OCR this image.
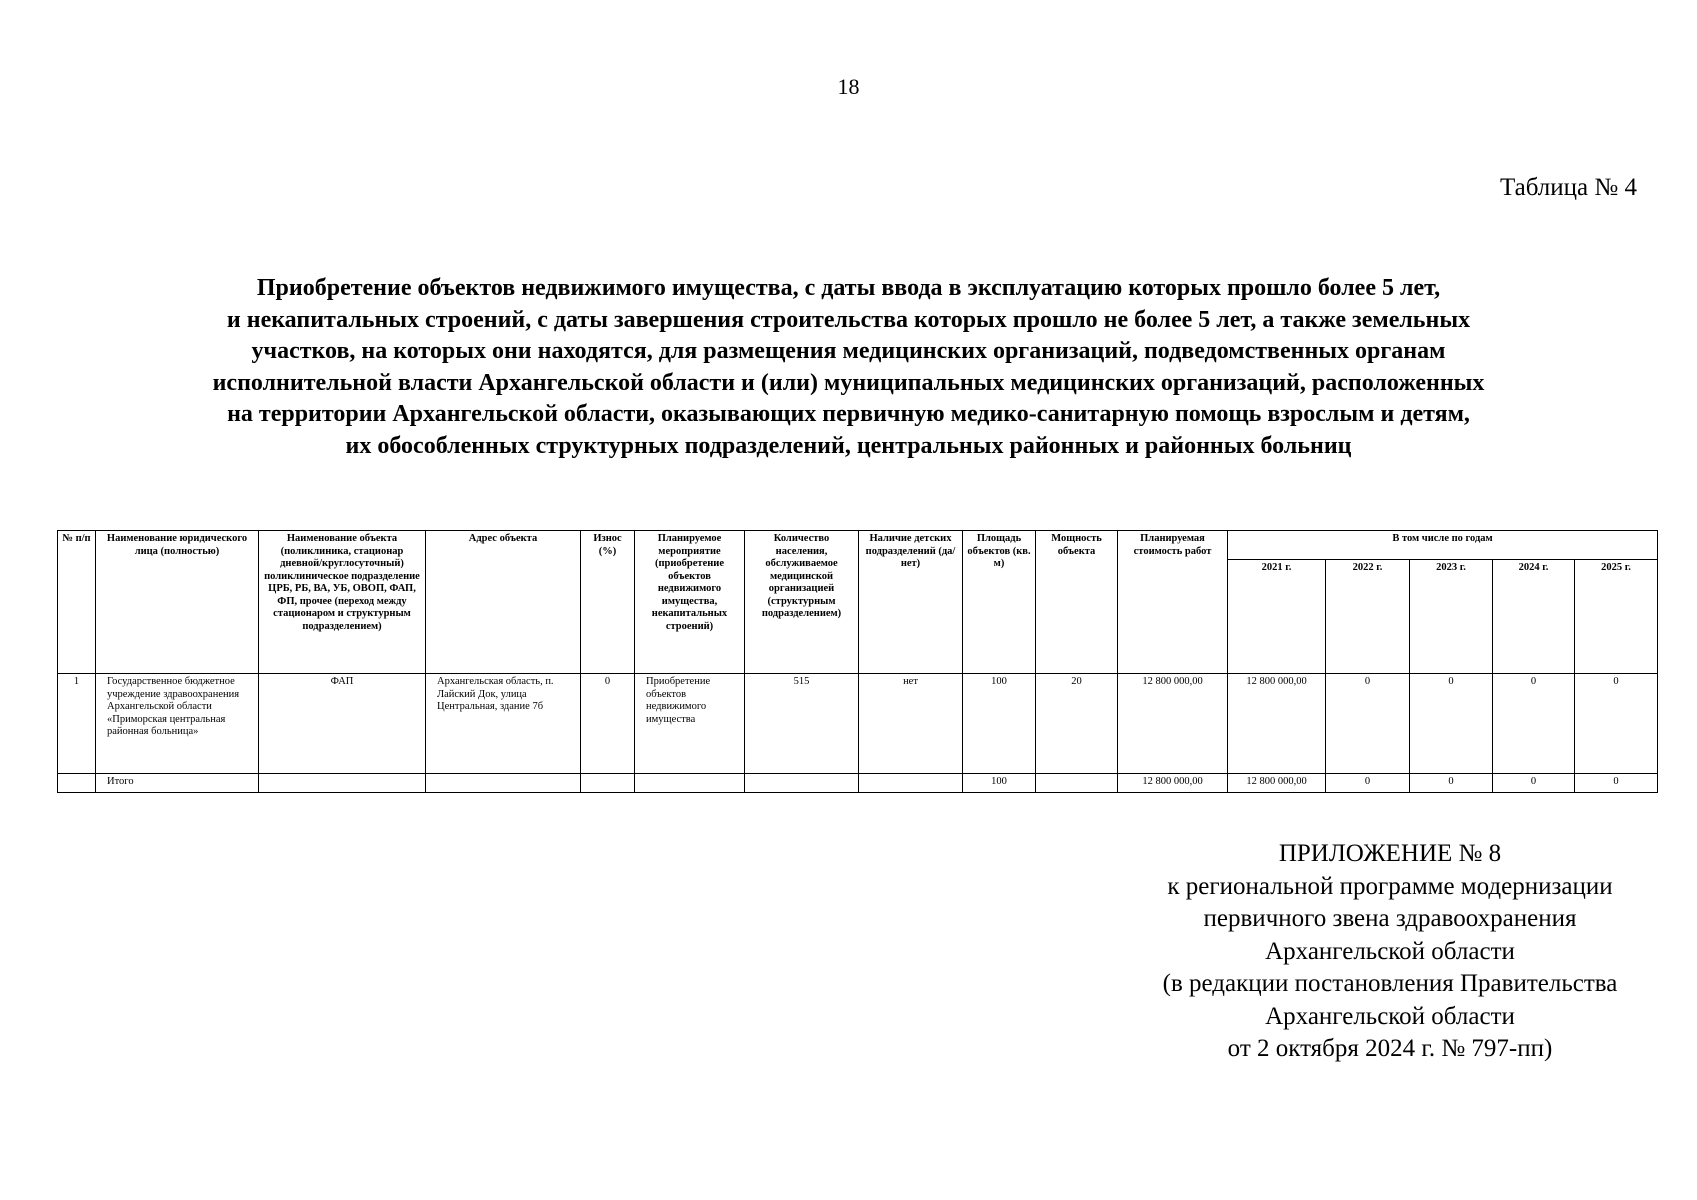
18
Таблица № 4
Приобретение объектов недвижимого имущества, с даты ввода в эксплуатацию которых прошло более 5 лет,
и некапитальных строений, с даты завершения строительства которых прошло не более 5 лет, а также земельных
участков, на которых они находятся, для размещения медицинских организаций, подведомственных органам
исполнительной власти Архангельской области и (или) муниципальных медицинских организаций, расположенных
на территории Архангельской области, оказывающих первичную медико-санитарную помощь взрослым и детям,
их обособленных структурных подразделений, центральных районных и районных больниц
№ п/п	Наименование юридического лица (полностью)	Наименование объекта (поликлиника, стационар дневной/круглосуточный) поликлиническое подразделение ЦРБ, РБ, ВА, УБ, ОВОП, ФАП, ФП, прочее (переход между стационаром и структурным подразделением)	Адрес объекта	Износ (%)	Планируемое мероприятие (приобретение объектов недвижимого имущества, некапитальных строений)	Количество населения, обслуживаемое медицинской организацией (структурным подразделением)	Наличие детских подразделений (да/нет)	Площадь объектов (кв. м)	Мощность объекта	Планируемая стоимость работ	В том числе по годам				
											2021 г.	2022 г.	2023 г.	2024 г.	2025 г.
1	Государственное бюджетное учреждение здравоохранения Архангельской области «Приморская центральная районная больница»	ФАП	Архангельская область, п. Лайский Док, улица Центральная, здание 7б	0	Приобретение объектов недвижимого имущества	515	нет	100	20	12 800 000,00	12 800 000,00	0	0	0	0
	Итого							100		12 800 000,00	12 800 000,00	0	0	0	0
ПРИЛОЖЕНИЕ № 8
к региональной программе модернизации
первичного звена здравоохранения
Архангельской области
(в редакции постановления Правительства
Архангельской области
от 2 октября 2024 г. № 797-пп)
